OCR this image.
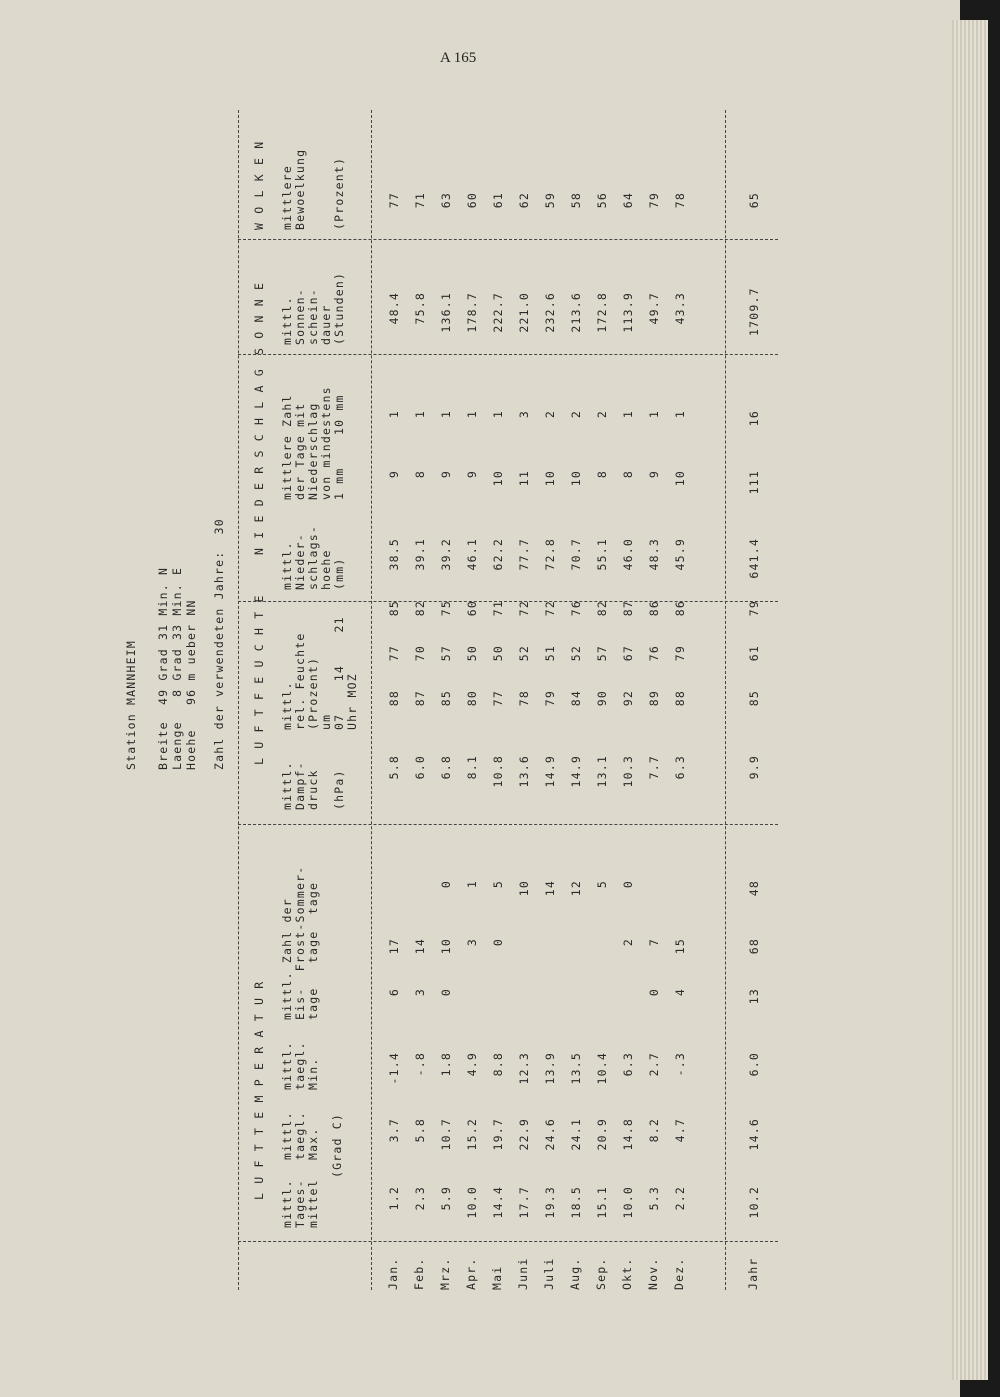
A 165
Station MANNHEIM Breite  49 Grad 31 Min. N Laenge   8 Grad 33 Min. E Hoehe   96 m ueber NN Zahl der verwendeten Jahre:  30
L U F T T E M P E R A T U R
L U F T F E U C H T E
N I E D E R S C H L A G
S O N N E
W O L K E N
mittl.
Tages-
mittel
mittl.
taegl.
Max.
mittl.
taegl.
Min.
mittl. Zahl der
Eis-  Frost-Sommer-
tage   tage  tage
(Grad C)
mittl.
Dampf-
druck

(hPa)
mittl.
rel. Feuchte
(Prozent)
um
07    14    21
Uhr MOZ
mittl.
Nieder-
schlags-
hoehe
(mm)
mittlere Zahl
der Tage mit
Niederschlag
von mindestens
1 mm    10 mm
mittl.
Sonnen-
schein-
dauer
(Stunden)
mittlere
Bewoelkung

(Prozent)
Jan.
1.2
3.7
-1.4
6
17
5.8
88
77
85
38.5
9
1
48.4
77
Feb.
2.3
5.8
-.8
3
14
6.0
87
70
82
39.1
8
1
75.8
71
Mrz.
5.9
10.7
1.8
0
10
0
6.8
85
57
75
39.2
9
1
136.1
63
Apr.
10.0
15.2
4.9
3
1
8.1
80
50
60
46.1
9
1
178.7
60
Mai
14.4
19.7
8.8
0
5
10.8
77
50
71
62.2
10
1
222.7
61
Juni
17.7
22.9
12.3
10
13.6
78
52
72
77.7
11
3
221.0
62
Juli
19.3
24.6
13.9
14
14.9
79
51
72
72.8
10
2
232.6
59
Aug.
18.5
24.1
13.5
12
14.9
84
52
76
70.7
10
2
213.6
58
Sep.
15.1
20.9
10.4
5
13.1
90
57
82
55.1
8
2
172.8
56
Okt.
10.0
14.8
6.3
2
0
10.3
92
67
87
46.0
8
1
113.9
64
Nov.
5.3
8.2
2.7
0
7
7.7
89
76
86
48.3
9
1
49.7
79
Dez.
2.2
4.7
-.3
4
15
6.3
88
79
86
45.9
10
1
43.3
78
Jahr
10.2
14.6
6.0
13
68
48
9.9
85
61
79
641.4
111
16
1709.7
65
